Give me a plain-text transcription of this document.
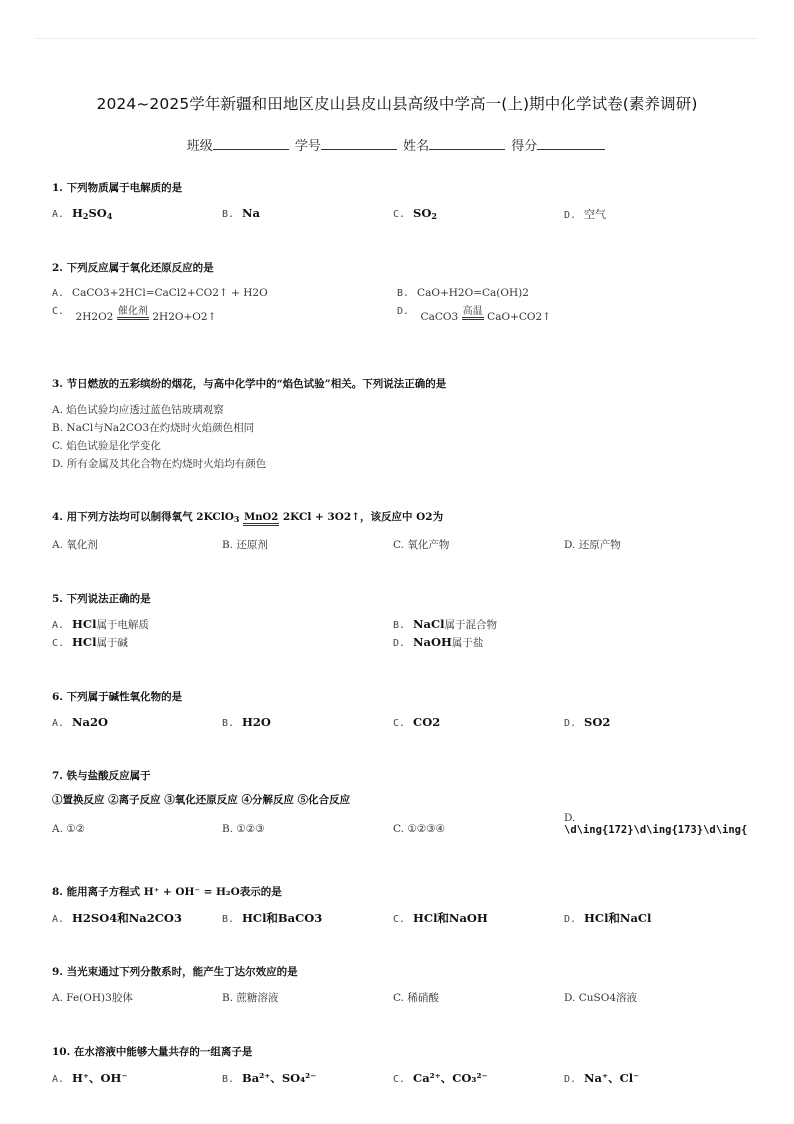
2024~2025学年新疆和田地区皮山县皮山县高级中学高一(上)期中化学试卷(素养调研)
班级	学号	姓名	得分
1. 下列物质属于电解质的是
A. $H_2SO_4$	B. Na	C. $SO_2$	D. 空气
2. 下列反应属于氧化还原反应的是
A. CaCO3+2HCl=CaCl2+CO2↑ + H2O	B. CaO+H2O=Ca(OH)2
C. 2H2O2 催化剂 2H2O+O2↑	D. CaCO3 高温 CaO+CO2↑
3. 节日燃放的五彩缤纷的烟花，与高中化学中的“焰色试验”相关。下列说法正确的是
A. 焰色试验均应透过蓝色钴玻璃观察
B. NaCl与Na2CO3在灼烧时火焰颜色相同
C. 焰色试验是化学变化
D. 所有金属及其化合物在灼烧时火焰均有颜色
4. 用下列方法均可以制得氧气 2KClO$_3$ MnO2 2KCl + 3O2↑，该反应中 O2为
A. 氧化剂	B. 还原剂	C. 氧化产物	D. 还原产物
5. 下列说法正确的是
A. HCl属于电解质	B. NaCl属于混合物
C. HCl属于碱	D. NaOH属于盐
6. 下列属于碱性氧化物的是
A. Na2O	B. H2O	C. CO2	D. SO2
7. 铁与盐酸反应属于
①置换反应 ②离子反应 ③氧化还原反应 ④分解反应 ⑤化合反应
A. ①②	B. ①②③	C. ①②③④
D.
\d\ing{172}\d\ing{173}\d\ing{
8. 能用离子方程式 H⁺ + OH⁻ = H₂O表示的是
A. H2SO4和Na2CO3	B. HCl和BaCO3	C. HCl和NaOH	D. HCl和NaCl
9. 当光束通过下列分散系时，能产生丁达尔效应的是
A. Fe(OH)3胶体	B. 蔗糖溶液	C. 稀硝酸	D. CuSO4溶液
10. 在水溶液中能够大量共存的一组离子是
A. H⁺、OH⁻	B. Ba²⁺、SO₄²⁻	C. Ca²⁺、CO₃²⁻	D. Na⁺、Cl⁻
